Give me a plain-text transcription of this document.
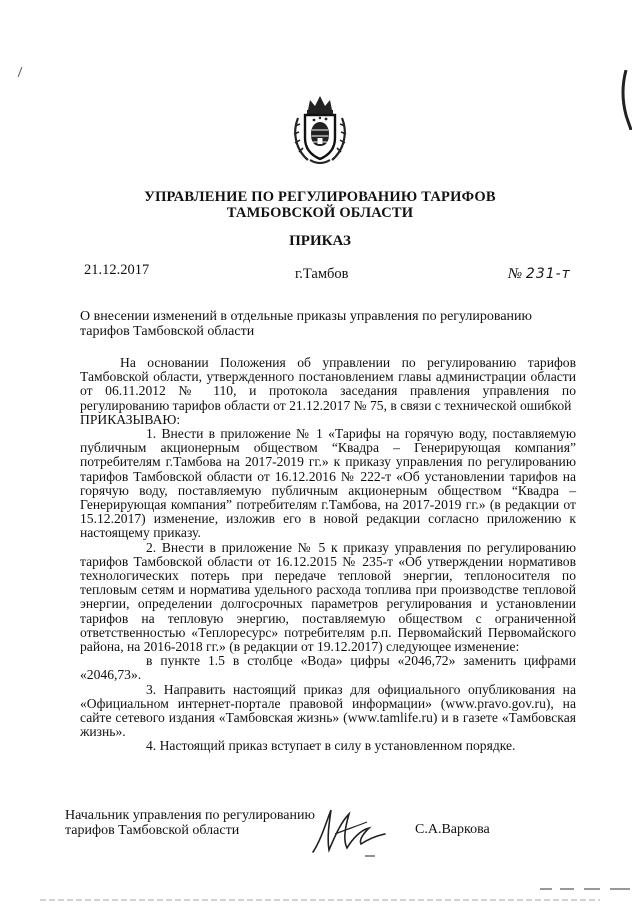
УПРАВЛЕНИЕ ПО РЕГУЛИРОВАНИЮ ТАРИФОВ
ТАМБОВСКОЙ ОБЛАСТИ
ПРИКАЗ
21.12.2017	г.Тамбов	№ 231-т
О внесении изменений в отдельные приказы управления по регулированию тарифов Тамбовской области

На основании Положения об управлении по регулированию тарифов Тамбовской области, утвержденного постановлением главы администрации области от 06.11.2012 № 110, и протокола заседания правления управления по регулированию тарифов области от 21.12.2017 № 75, в связи с технической ошибкой

ПРИКАЗЫВАЮ:

1. Внести в приложение № 1 «Тарифы на горячую воду, поставляемую публичным акционерным обществом “Квадра – Генерирующая компания” потребителям г.Тамбова на 2017-2019 гг.» к приказу управления по регулированию тарифов Тамбовской области от 16.12.2016 № 222-т «Об установлении тарифов на горячую воду, поставляемую публичным акционерным обществом “Квадра – Генерирующая компания” потребителям г.Тамбова, на 2017-2019 гг.» (в редакции от 15.12.2017) изменение, изложив его в новой редакции согласно приложению к настоящему приказу.

2. Внести в приложение № 5 к приказу управления по регулированию тарифов Тамбовской области от 16.12.2015 № 235-т «Об утверждении нормативов технологических потерь при передаче тепловой энергии, теплоносителя по тепловым сетям и норматива удельного расхода топлива при производстве тепловой энергии, определении долгосрочных параметров регулирования и установлении тарифов на тепловую энергию, поставляемую обществом с ограниченной ответственностью «Теплоресурс» потребителям р.п. Первомайский Первомайского района, на 2016-2018 гг.» (в редакции от 19.12.2017) следующее изменение:

в пункте 1.5 в столбце «Вода» цифры «2046,72» заменить цифрами «2046,73».

3. Направить настоящий приказ для официального опубликования на «Официальном интернет-портале правовой информации» (www.pravo.gov.ru), на сайте сетевого издания «Тамбовская жизнь» (www.tamlife.ru) и в газете «Тамбовская жизнь».

4. Настоящий приказ вступает в силу в установленном порядке.

Начальник управления по регулированию
тарифов Тамбовской области	С.А.Варкова
